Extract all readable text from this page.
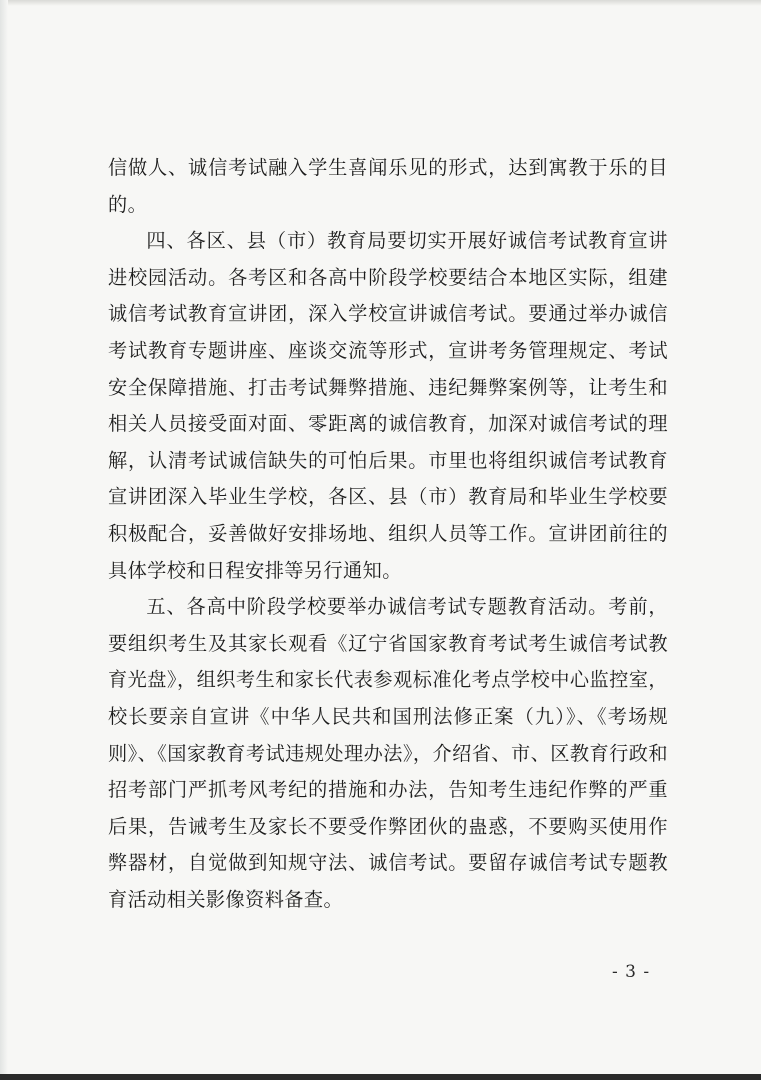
信做人、诚信考试融入学生喜闻乐见的形式，达到寓教于乐的目的。

四、各区、县（市）教育局要切实开展好诚信考试教育宣讲进校园活动。各考区和各高中阶段学校要结合本地区实际，组建诚信考试教育宣讲团，深入学校宣讲诚信考试。要通过举办诚信考试教育专题讲座、座谈交流等形式，宣讲考务管理规定、考试安全保障措施、打击考试舞弊措施、违纪舞弊案例等，让考生和相关人员接受面对面、零距离的诚信教育，加深对诚信考试的理解，认清考试诚信缺失的可怕后果。市里也将组织诚信考试教育宣讲团深入毕业生学校，各区、县（市）教育局和毕业生学校要积极配合，妥善做好安排场地、组织人员等工作。宣讲团前往的具体学校和日程安排等另行通知。

五、各高中阶段学校要举办诚信考试专题教育活动。考前，要组织考生及其家长观看《辽宁省国家教育考试考生诚信考试教育光盘》，组织考生和家长代表参观标准化考点学校中心监控室，校长要亲自宣讲《中华人民共和国刑法修正案（九）》、《考场规则》、《国家教育考试违规处理办法》，介绍省、市、区教育行政和招考部门严抓考风考纪的措施和办法，告知考生违纪作弊的严重后果，告诫考生及家长不要受作弊团伙的蛊惑，不要购买使用作弊器材，自觉做到知规守法、诚信考试。要留存诚信考试专题教育活动相关影像资料备查。

- 3 -
